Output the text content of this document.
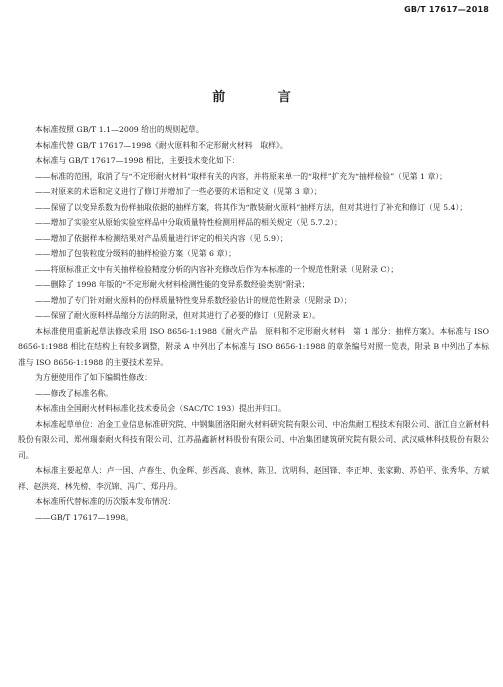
GB/T 17617—2018
前 言

本标准按照 GB/T 1.1—2009 给出的规则起草。

本标准代替 GB/T 17617—1998《耐火原料和不定形耐火材料　取样》。

本标准与 GB/T 17617—1998 相比，主要技术变化如下：

——标准的范围，取消了与“不定形耐火材料”取样有关的内容，并将原来单一的“取样”扩充为“抽样检验”（见第 1 章）；

——对原来的术语和定义进行了修订并增加了一些必要的术语和定义（见第 3 章）；

——保留了以变异系数为份样抽取依据的抽样方案，将其作为“散装耐火原料”抽样方法，但对其进行了补充和修订（见 5.4）；

——增加了实验室从原始实验室样品中分取质量特性检测用样品的相关规定（见 5.7.2）；

——增加了依据样本检测结果对产品质量进行评定的相关内容（见 5.9）；

——增加了包装粒度分级料的抽样检验方案（见第 6 章）；

——将原标准正文中有关抽样检验精度分析的内容补充修改后作为本标准的一个规范性附录（见附录 C）；

——删除了 1998 年版的“不定形耐火材料检测性能的变异系数经验类别”附录；

——增加了专门针对耐火原料的份样质量特性变异系数经验估计的规范性附录（见附录 D）；

——保留了耐火原料样品缩分方法的附录，但对其进行了必要的修订（见附录 E）。

本标准使用重新起草法修改采用 ISO 8656-1:1988《耐火产品　原料和不定形耐火材料　第 1 部分：抽样方案》。本标准与 ISO 8656-1:1988 相比在结构上有较多调整，附录 A 中列出了本标准与 ISO 8656-1:1988 的章条编号对照一览表，附录 B 中列出了本标准与 ISO 8656-1:1988 的主要技术差异。

为方便使用作了如下编辑性修改：

——修改了标准名称。

本标准由全国耐火材料标准化技术委员会（SAC/TC 193）提出并归口。

本标准起草单位：冶金工业信息标准研究院、中钢集团洛阳耐火材料研究院有限公司、中冶焦耐工程技术有限公司、浙江自立新材料股份有限公司、郑州瑞泰耐火科技有限公司、江苏晶鑫新材料股份有限公司、中冶集团建筑研究院有限公司、武汉威林科技股份有限公司。

本标准主要起草人：卢一国、卢春生、仇金辉、彭西高、袁林、陈卫、沈明科、赵国锋、李正坤、张家勤、苏伯平、张秀华、方斌祥、赵洪亮、林先榜、李沉锦、冯广、郑丹丹。

本标准所代替标准的历次版本发布情况：

——GB/T 17617—1998。
